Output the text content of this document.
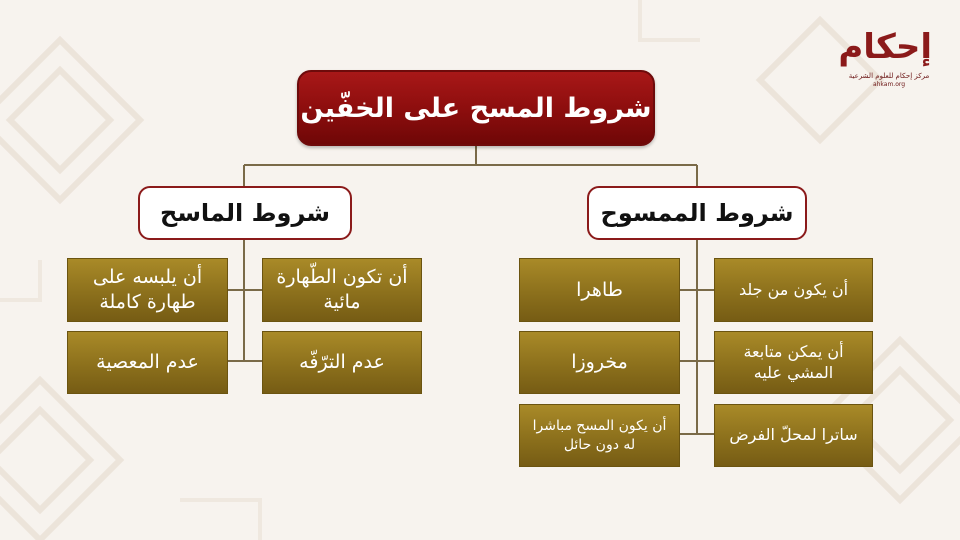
إحكام
مركز إحكام للعلوم الشرعية
ahkam.org
شروط المسح على الخفّين
شروط الماسح	شروط الممسوح
أن تكون الطّهارة مائية
أن يلبسه على طهارة كاملة
عدم الترّفّه
عدم المعصية
أن يكون من جلد
طاهرا
أن يمكن متابعة المشي عليه
مخروزا
ساترا لمحلّ الفرض
أن يكون المسح مباشرا له دون حائل
